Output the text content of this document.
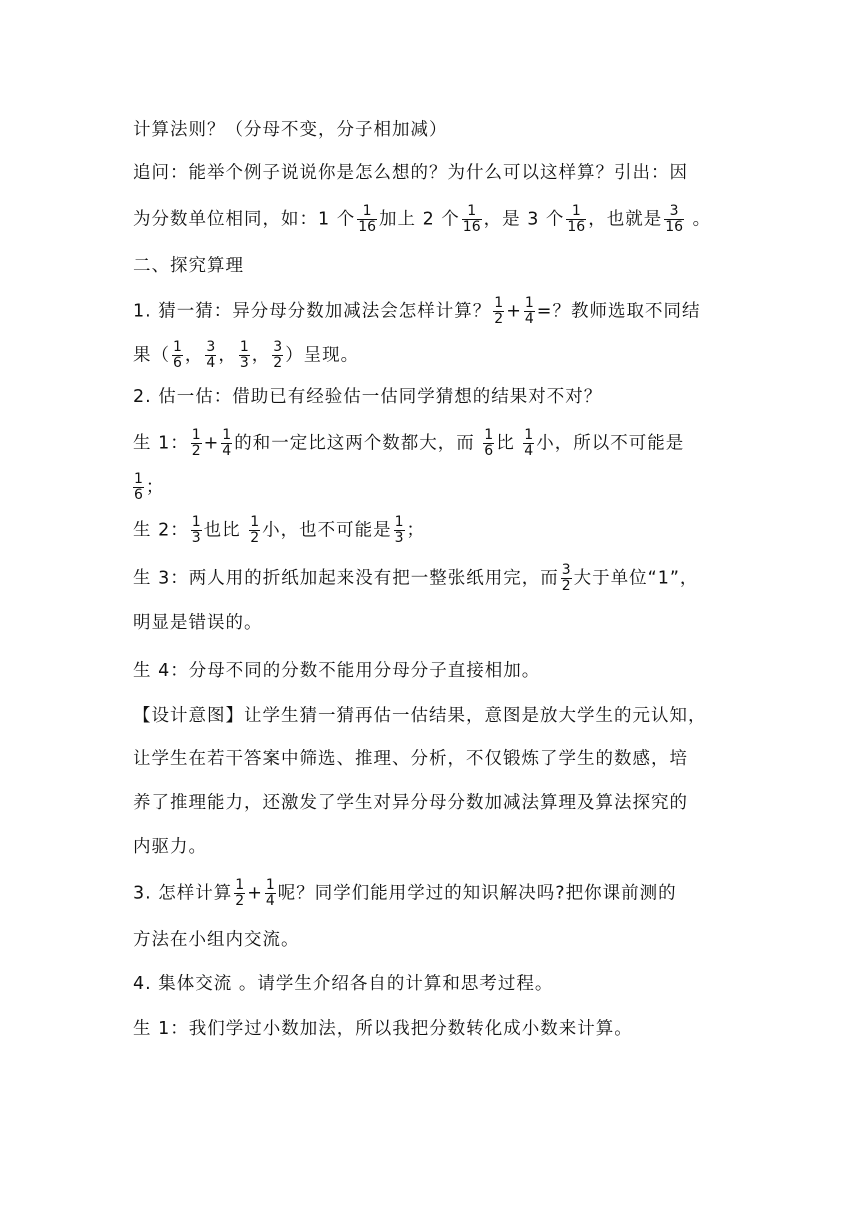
计算法则？（分母不变，分子相加减）
追问：能举个例子说说你是怎么想的？为什么可以这样算？引出：因
为分数单位相同，如：1 个 $\frac{1}{16}$ 加上 2 个 $\frac{1}{16}$ ，是 3 个 $\frac{1}{16}$ ，也就是 $\frac{3}{16}$ 。
二、探究算理
1. 猜一猜：异分母分数加减法会怎样计算？ $\frac{1}{2} + \frac{1}{4}$ =？教师选取不同结
果（ $\frac{1}{6}$ ， $\frac{3}{4}$ ， $\frac{1}{3}$ ， $\frac{3}{2}$ ）呈现。
2. 估一估：借助已有经验估一估同学猜想的结果对不对？
生 1： $\frac{1}{2} + \frac{1}{4}$ 的和一定比这两个数都大，而 $\frac{1}{6}$ 比 $\frac{1}{4}$ 小，所以不可能是
$\frac{1}{6}$ ；
生 2： $\frac{1}{3}$ 也比 $\frac{1}{2}$ 小，也不可能是 $\frac{1}{3}$ ；
生 3：两人用的折纸加起来没有把一整张纸用完，而 $\frac{3}{2}$ 大于单位“1”，
明显是错误的。
生 4：分母不同的分数不能用分母分子直接相加。
【设计意图】让学生猜一猜再估一估结果，意图是放大学生的元认知，
让学生在若干答案中筛选、推理、分析，不仅锻炼了学生的数感，培
养了推理能力，还激发了学生对异分母分数加减法算理及算法探究的
内驱力。
3. 怎样计算 $\frac{1}{2} + \frac{1}{4}$ 呢？同学们能用学过的知识解决吗?把你课前测的
方法在小组内交流。
4. 集体交流 。请学生介绍各自的计算和思考过程。
生 1：我们学过小数加法，所以我把分数转化成小数来计算。
